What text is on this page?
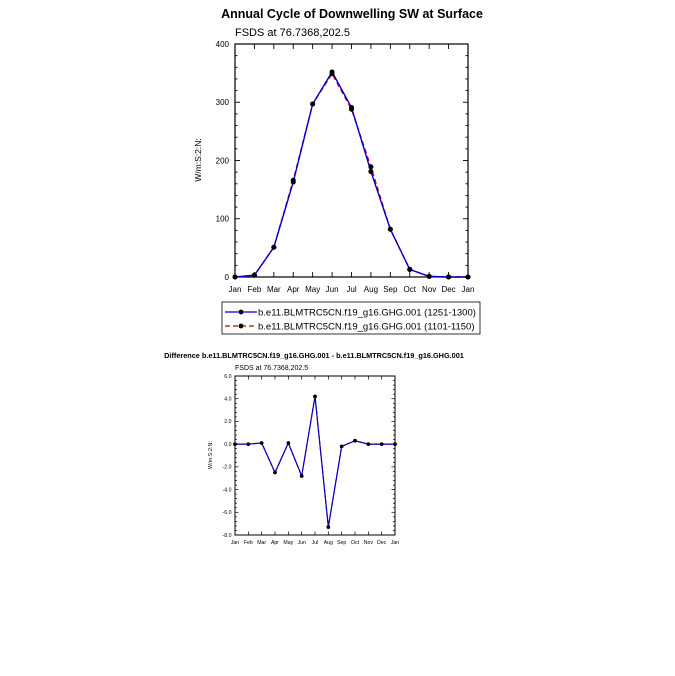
Annual Cycle of Downwelling SW at Surface
FSDS at 76.7368,202.5
W/m:S:2:N:
Jan Feb Mar Apr May Jun Jul Aug Sep Oct Nov Dec Jan
0
100
200
300
400
b.e11.BLMTRC5CN.f19_g16.GHG.001 (1251-1300)
b.e11.BLMTRC5CN.f19_g16.GHG.001 (1101-1150)
Difference b.e11.BLMTRC5CN.f19_g16.GHG.001 - b.e11.BLMTRC5CN.f19_g16.GHG.001
FSDS at 76.7368,202.5
W/m:S:2:N:
Jan Feb Mar Apr May Jun Jul Aug Sep Oct Nov Dec Jan
-8.0
-6.0
-4.0
-2.0
0.0
2.0
4.0
6.0
